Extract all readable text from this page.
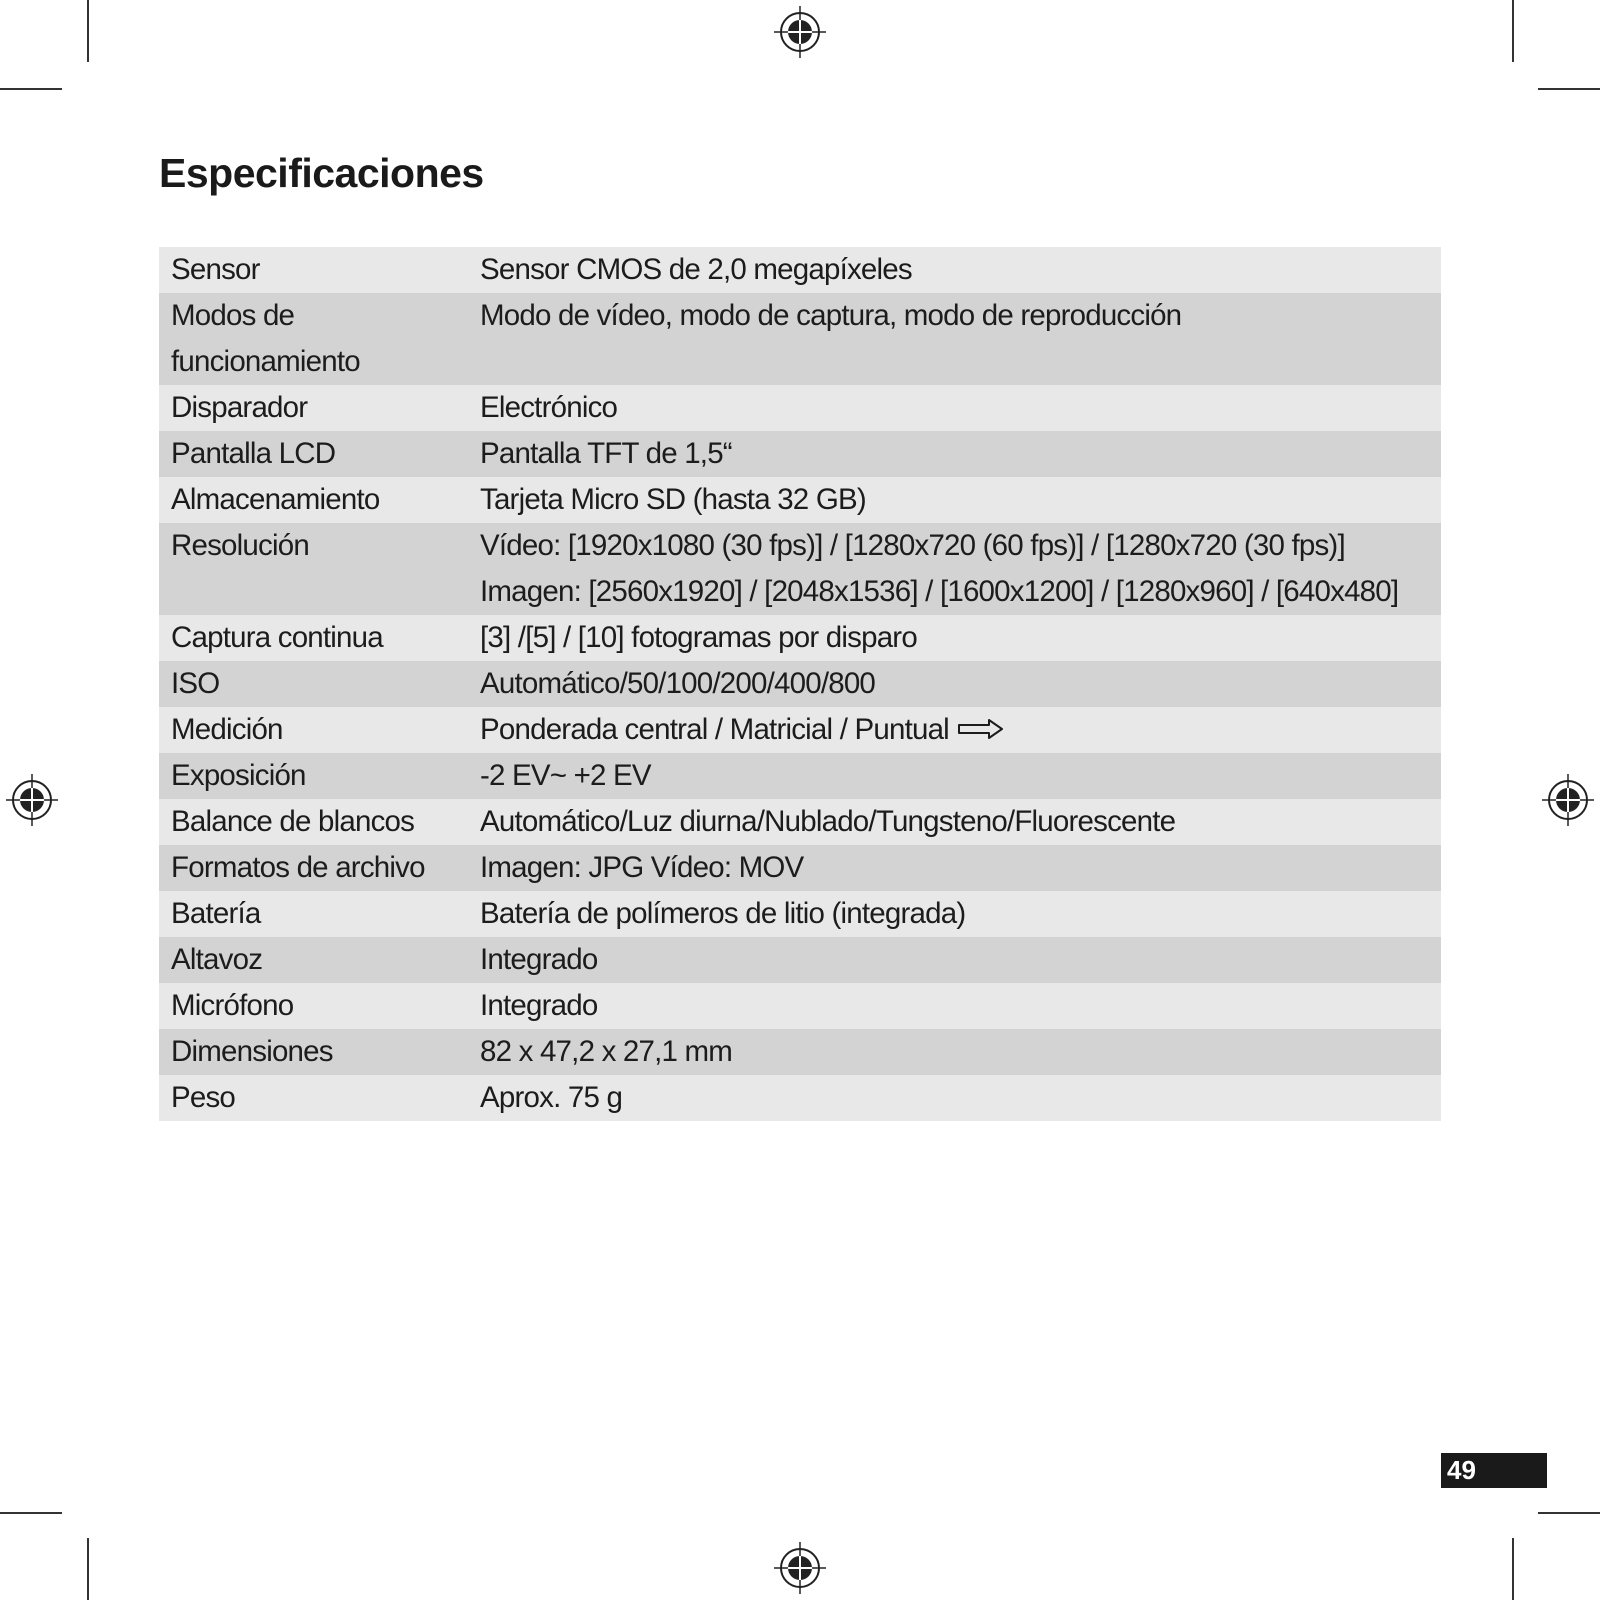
Especificaciones
Sensor	Sensor CMOS de 2,0 megapíxeles

Modos de
funcionamiento	Modo de vídeo, modo de captura, modo de reproducción

Disparador	Electrónico

Pantalla LCD	Pantalla TFT de 1,5“

Almacenamiento	Tarjeta Micro SD (hasta 32 GB)

Resolución	Vídeo: [1920x1080 (30 fps)] / [1280x720 (60 fps)] / [1280x720 (30 fps)]
Imagen: [2560x1920] / [2048x1536] / [1600x1200] / [1280x960] / [640x480]

Captura continua	[3] /[5] / [10] fotogramas por disparo

ISO	Automático/50/100/200/400/800

Medición	Ponderada central / Matricial / Puntual

Exposición	-2 EV~ +2 EV

Balance de blancos	Automático/Luz diurna/Nublado/Tungsteno/Fluorescente

Formatos de archivo	Imagen: JPG Vídeo: MOV

Batería	Batería de polímeros de litio (integrada)

Altavoz	Integrado

Micrófono	Integrado

Dimensiones	82 x 47,2 x 27,1 mm

Peso	Aprox. 75 g
49
